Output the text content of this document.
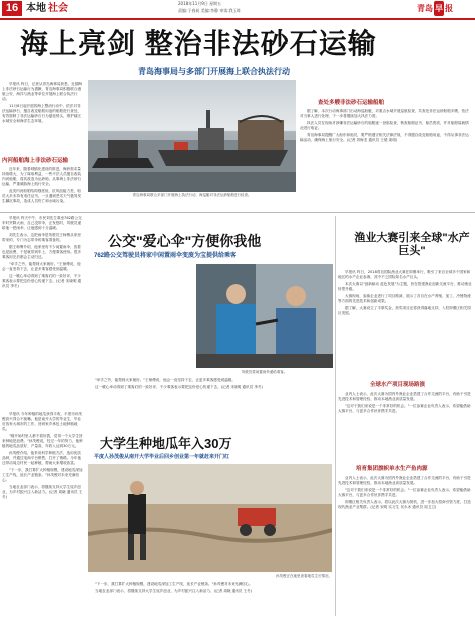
16 本地 社会	2018年11月9日 星期五
责编:于春昶 美编:李静 审读:我玉璋	青岛 早 报
海上亮剑 整治非法砂石运输
青岛海事局与多部门开展海上联合执法行动

早报讯 昨日，记者从青岛海事局获悉，近期海上非法砂石运输行为猖獗，青岛海事局积极联合港航公安、海洋与渔业等单位开展海上联合执法行动。

11月6日起开展的海上整治行动中，依法对非法运输砂石、擅自改变船舶用途的船舶进行查处，有效遏制了非法运输砂石行为蔓延势头，维护辖区水域安全和海洋生态环境。

内河船舶海上非法砂石运输

近年来，随着城镇化建设的推进，海砂需求量持续增大，为了谋取利益，一些不法人员擅自改装内河船舶，将其改造为运砂船，从事海上非法砂石运输，严重威胁海上航行安全。

此类内河船舶结构强度低、抗风浪能力差，船员大多未持有适任证书，一旦遇到恶劣天气极易发生翻沉事故，造成人员伤亡和水域污染。

青岛海事局联合多部门开展海上执法行动，海巡艇对非法运砂船舶进行检查。
查处多艘非法砂石运输船舶

据了解，本次行动海事部门出动海巡船艇，对重点水域开展巡航检查，共查处非法运砂船舶多艘，依法对当事人进行处理，下一步将继续加大执法力度。

执法人员在现场对涉嫌非法运输砂石的船舶逐一登临检查，核查船舶证书、船员资质，并对船舶装载情况进行取证。

青岛海事局提醒广大船东和船员，要严格遵守相关法律法规，不得擅自改变船舶用途，不得从事非法运输活动，确保海上航行安全。(记者 刘海龙 通讯员 王德 姜明)

早报讯 昨天中午，市民刘先生乘坐762路公交车时突降大雨，自己没带伞，正发愁时，驾驶员递给他一把雨伞，让他感到十分温暖。

刘先生表示，这把雨伞是驾驶员王师傅从家里带来的，专门为忘带伞的乘客准备的。

据王师傅介绍，他家里有不少闲置雨伞，放着也是浪费，于是就带到车上，方便乘客使用。很多乘客用完后都会主动归还。

"举手之劳，能帮到大家就好。"王师傅说，他会一直坚持下去，让更多乘客感受到温暖。

这一暖心举动得到了乘客们的一致好评，不少乘客表示要把这份爱心传递下去。(记者 宋晓明 通讯员 李冬)

公交"爱心伞"方便你我他
762路公交驾驶员将家中闲置雨伞变废为宝提供给乘客
驾驶员将闲置雨伞递给乘客。

"举手之劳，能帮到大家就好。"王师傅说，他会一直坚持下去，让更多乘客感受到温暖。

这一暖心举动得到了乘客们的一致好评，不少乘客表示要把这份爱心传递下去。(记者 宋晓明 通讯员 李冬)

渔业大赛引来全球"水产巨头"

早报讯 昨日，2018青岛国际渔业大赛在即墨举行，吸引了来自全球多个国家和地区的水产企业参赛，其中不乏国际知名水产巨头。

本次大赛以"创新驱动 蓝色发展"为主题，旨在搭建渔业创新交流平台，推动渔业转型升级。

大赛现场，参赛企业进行了项目路演，展示了各自在水产养殖、加工、冷链物流等方面的先进技术和创新成果。

据了解，大赛设立了丰厚奖金，获奖项目还将获得落地支持，入驻即墨区相关园区发展。

全球水产项目现场路演

业内人士表示，此次大赛为国内外渔业企业搭建了合作交流的平台，有助于引进先进技术和管理经验，推动本地渔业高质量发展。

"这对于我们来说是一个非常好的机会。"一位参赛企业负责人表示，希望能借助大赛平台，与更多合作伙伴携手共进。

培育集团旗帜单水生产鱼肉源

业内人士表示，此次大赛为国内外渔业企业搭建了合作交流的平台，有助于引进先进技术和管理经验，推动本地渔业高质量发展。

"这对于我们来说是一个非常好的机会。"一位参赛企业负责人表示，希望能借助大赛平台，与更多合作伙伴携手共进。

即墨区相关负责人表示，将以此次大赛为契机，进一步加大招商引资力度，打造现代渔业产业集群。(记者 宋明 实习生 吴永冰 通讯员 周卫卫)

早报讯 今年种植的地瓜获得丰收，平度市孙茂俊高兴得合不拢嘴。他是南开大学的毕业生，毕业后放弃大城市的工作，回到家乡承包土地种植地瓜。

"刚开始村里人都不看好我，觉得一个大学生回来种地是浪费。"孙茂俊说，经过一年的努力，他种植的地瓜品质好、产量高，年收入达到30万元。

孙茂俊介绍，他采用科学种植方法，选用优质品种，并通过电商平台销售，打开了销路。今年他还带动周边村民一起种植，帮助大家增收致富。

"下一步，我打算扩大种植规模，建设地瓜深加工生产线，延长产业链条。"孙茂俊对未来充满信心。

当地农业部门表示，将继续支持大学生返乡创业，为乡村振兴注入新活力。(记者 周晓 通讯员 王冬)

大学生种地瓜年入30万
平度人孙茂俊从南开大学毕业后回乡创业第一年就赶来开门红
孙茂俊正在地里查看地瓜生长情况。

"下一步，我打算扩大种植规模，建设地瓜深加工生产线，延长产业链条。"孙茂俊对未来充满信心。

当地农业部门表示，将继续支持大学生返乡创业，为乡村振兴注入新活力。(记者 周晓 通讯员 王冬)
